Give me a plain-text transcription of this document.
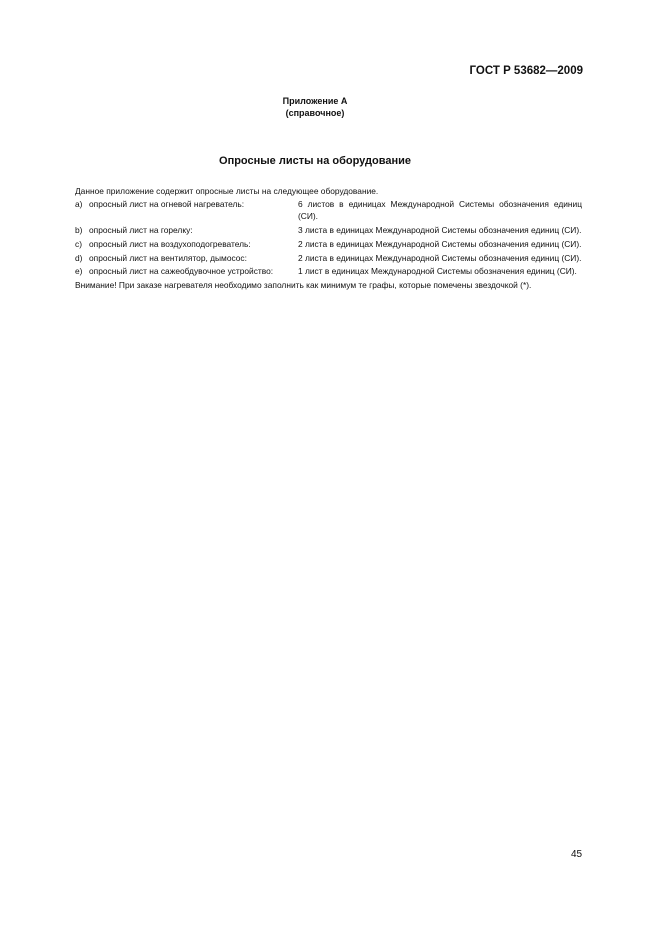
ГОСТ Р 53682—2009
Приложение А
(справочное)
Опросные листы на оборудование
Данное приложение содержит опросные листы на следующее оборудование.
a) опросный лист на огневой нагреватель:	6 листов в единицах Международной Системы обозначения единиц (СИ).
b) опросный лист на горелку:	3 листа в единицах Международной Системы обозначения единиц (СИ).
c) опросный лист на воздухоподогреватель:	2 листа в единицах Международной Системы обозначения единиц (СИ).
d) опросный лист на вентилятор, дымосос:	2 листа в единицах Международной Системы обозначения единиц (СИ).
e) опросный лист на сажеобдувочное устройство:	1 лист в единицах Международной Системы обозначения единиц (СИ).
Внимание! При заказе нагревателя необходимо заполнить как минимум те графы, которые помечены звездочкой (*).
45
